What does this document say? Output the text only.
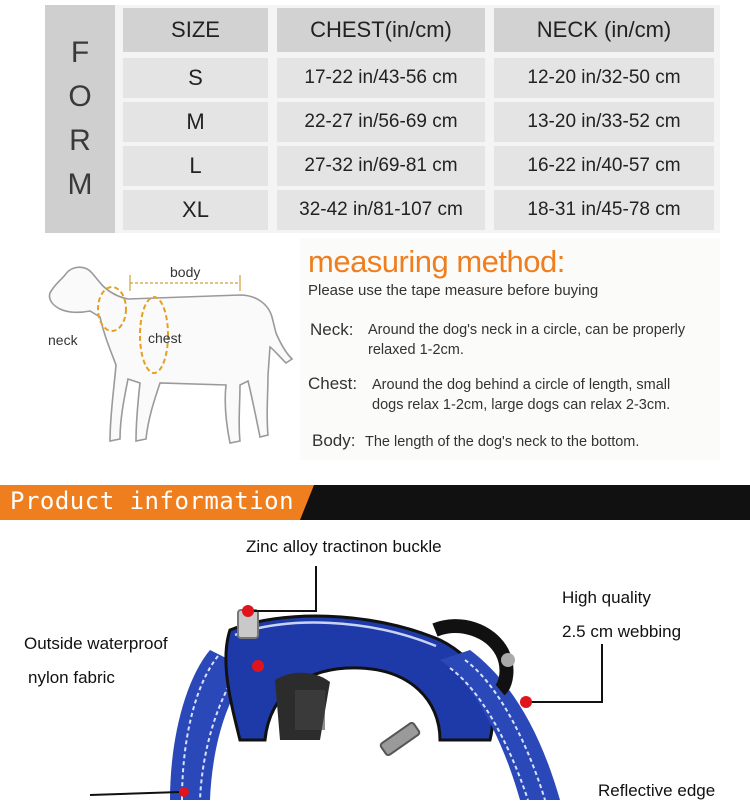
F
O
R
M
SIZE	CHEST(in/cm)	NECK (in/cm)
S	17-22 in/43-56 cm	12-20 in/32-50 cm
M	22-27 in/56-69 cm	13-20 in/33-52 cm
L	27-32 in/69-81 cm	16-22 in/40-57 cm
XL	32-42 in/81-107 cm	18-31 in/45-78 cm
body
neck	chest
measuring method:
Please use the tape measure before buying
Neck: Around the dog's neck in a circle, can be properly
relaxed 1-2cm.
Chest: Around the dog behind a circle of length, small
dogs relax 1-2cm, large dogs can relax 2-3cm.
Body: The length of the dog's neck to the bottom.
Product information
Zinc alloy tractinon buckle
High quality
2.5 cm webbing
Outside waterproof
nylon fabric
Reflective edge
